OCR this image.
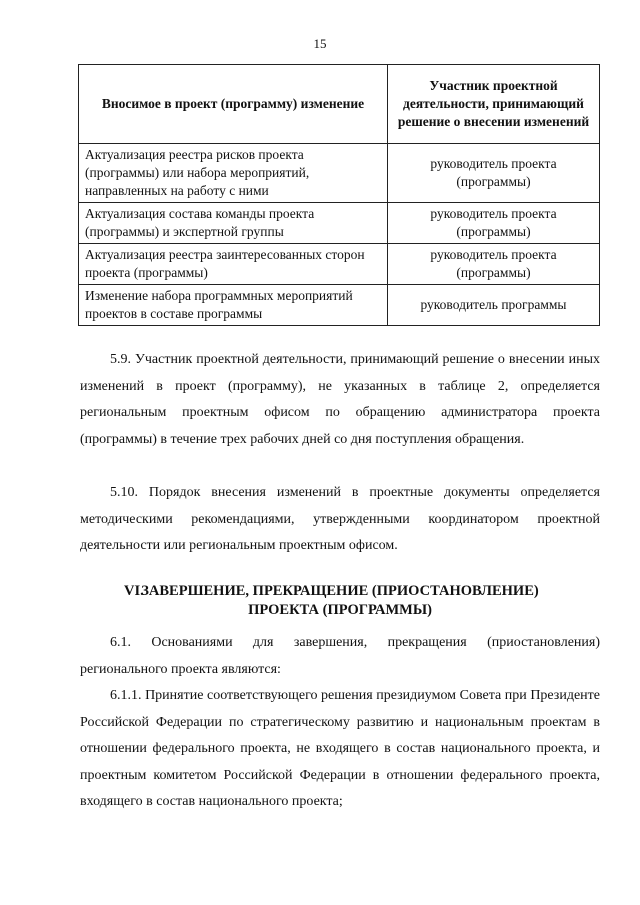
15
Вносимое в проект (программу) изменение	Участник проектной деятельности, принимающий решение о внесении изменений
Актуализация реестра рисков проекта (программы) или набора мероприятий, направленных на работу с ними	руководитель проекта (программы)
Актуализация состава команды проекта (программы) и экспертной группы	руководитель проекта (программы)
Актуализация реестра заинтересованных сторон проекта (программы)	руководитель проекта (программы)
Изменение набора программных мероприятий проектов в составе программы	руководитель программы

5.9. Участник проектной деятельности, принимающий решение о внесении иных изменений в проект (программу), не указанных в таблице 2, определяется региональным проектным офисом по обращению администратора проекта (программы) в течение трех рабочих дней со дня поступления обращения.

5.10. Порядок внесения изменений в проектные документы определяется методическими рекомендациями, утвержденными координатором проектной деятельности или региональным проектным офисом.

VI.
ЗАВЕРШЕНИЕ, ПРЕКРАЩЕНИЕ (ПРИОСТАНОВЛЕНИЕ)
ПРОЕКТА (ПРОГРАММЫ)

6.1. Основаниями для завершения, прекращения (приостановления) регионального проекта являются:

6.1.1. Принятие соответствующего решения президиумом Совета при Президенте Российской Федерации по стратегическому развитию и национальным проектам в отношении федерального проекта, не входящего в состав национального проекта, и проектным комитетом Российской Федерации в отношении федерального проекта, входящего в состав национального проекта;
